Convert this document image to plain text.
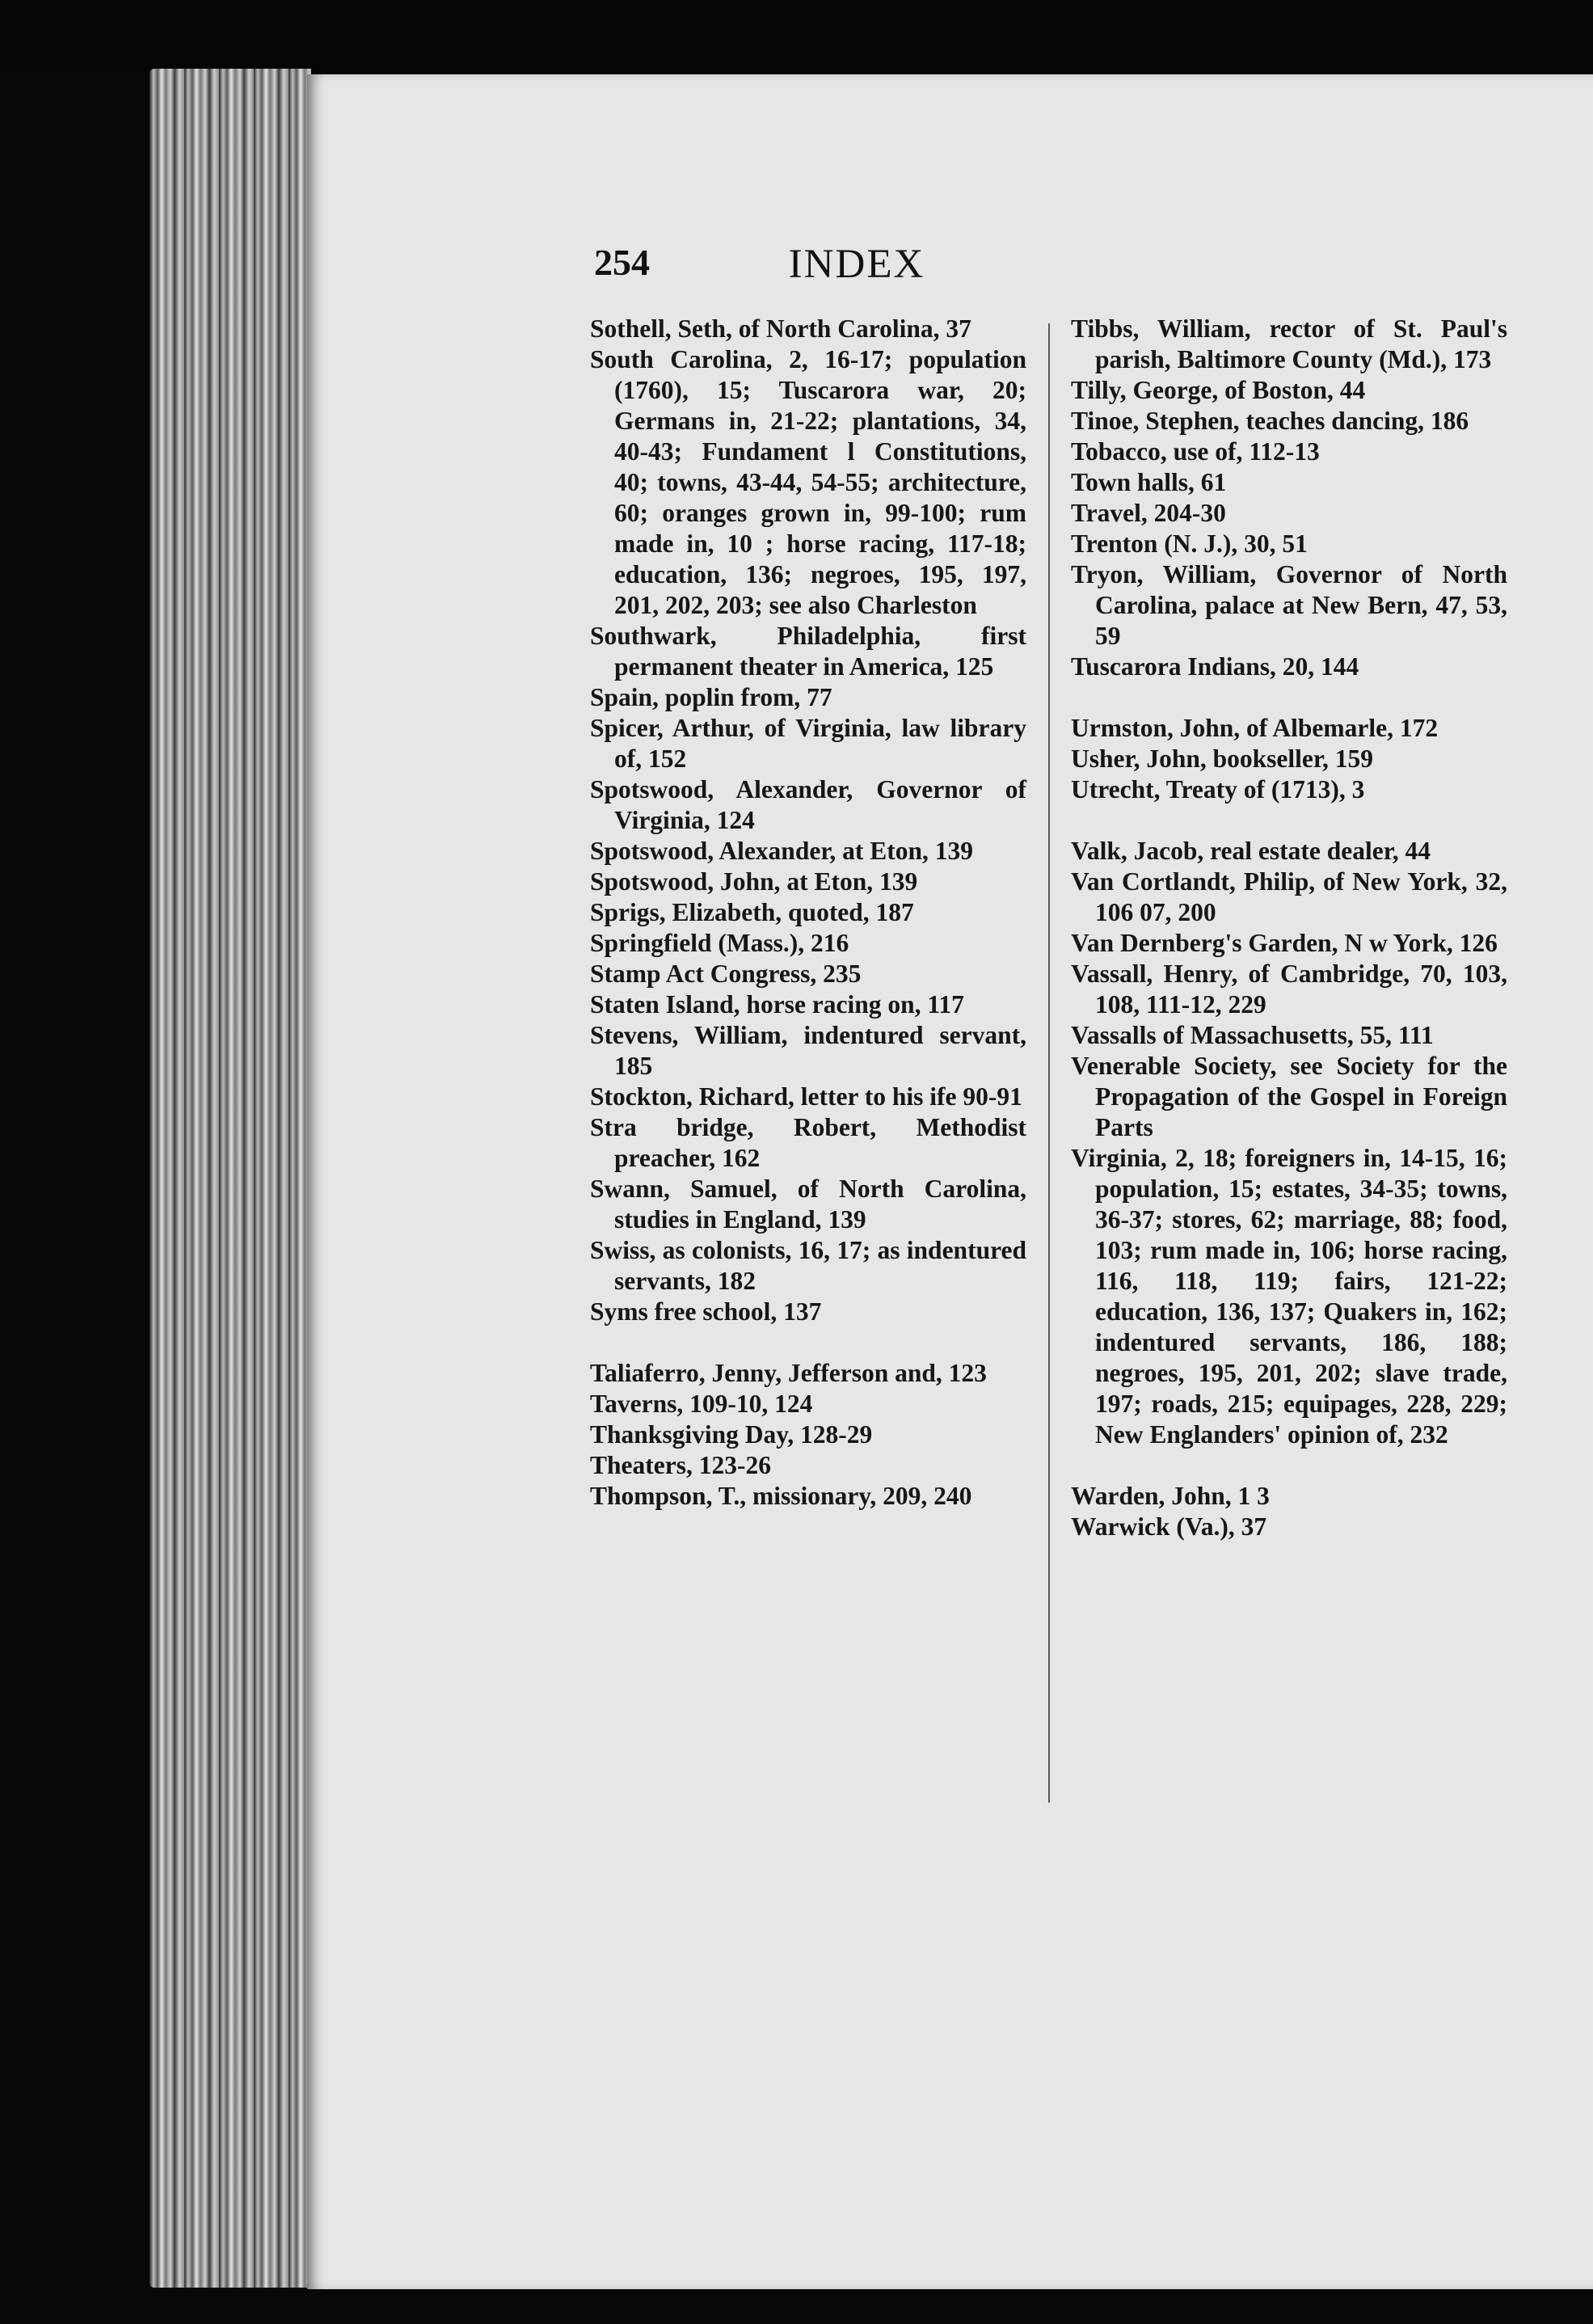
254	INDEX
Sothell, Seth, of North Carolina, 37
South Carolina, 2, 16-17; population (1760), 15; Tuscarora war, 20; Germans in, 21-22; plantations, 34, 40-43; Fundament l Constitutions, 40; towns, 43-44, 54-55; architecture, 60; oranges grown in, 99-100; rum made in, 10 ; horse racing, 117-18; education, 136; negroes, 195, 197, 201, 202, 203; see also Charleston
Southwark, Philadelphia, first permanent theater in America, 125
Spain, poplin from, 77
Spicer, Arthur, of Virginia, law library of, 152
Spotswood, Alexander, Governor of Virginia, 124
Spotswood, Alexander, at Eton, 139
Spotswood, John, at Eton, 139
Sprigs, Elizabeth, quoted, 187
Springfield (Mass.), 216
Stamp Act Congress, 235
Staten Island, horse racing on, 117
Stevens, William, indentured servant, 185
Stockton, Richard, letter to his ife 90-91
Stra bridge, Robert, Methodist preacher, 162
Swann, Samuel, of North Carolina, studies in England, 139
Swiss, as colonists, 16, 17; as indentured servants, 182
Syms free school, 137
Taliaferro, Jenny, Jefferson and, 123
Taverns, 109-10, 124
Thanksgiving Day, 128-29
Theaters, 123-26
Thompson, T., missionary, 209, 240
Tibbs, William, rector of St. Paul's parish, Baltimore County (Md.), 173
Tilly, George, of Boston, 44
Tinoe, Stephen, teaches dancing, 186
Tobacco, use of, 112-13
Town halls, 61
Travel, 204-30
Trenton (N. J.), 30, 51
Tryon, William, Governor of North Carolina, palace at New Bern, 47, 53, 59
Tuscarora Indians, 20, 144
Urmston, John, of Albemarle, 172
Usher, John, bookseller, 159
Utrecht, Treaty of (1713), 3
Valk, Jacob, real estate dealer, 44
Van Cortlandt, Philip, of New York, 32, 106 07, 200
Van Dernberg's Garden, N w York, 126
Vassall, Henry, of Cambridge, 70, 103, 108, 111-12, 229
Vassalls of Massachusetts, 55, 111
Venerable Society, see Society for the Propagation of the Gospel in Foreign Parts
Virginia, 2, 18; foreigners in, 14-15, 16; population, 15; estates, 34-35; towns, 36-37; stores, 62; marriage, 88; food, 103; rum made in, 106; horse racing, 116, 118, 119; fairs, 121-22; education, 136, 137; Quakers in, 162; indentured servants, 186, 188; negroes, 195, 201, 202; slave trade, 197; roads, 215; equipages, 228, 229; New Englanders' opinion of, 232
Warden, John, 1 3
Warwick (Va.), 37
